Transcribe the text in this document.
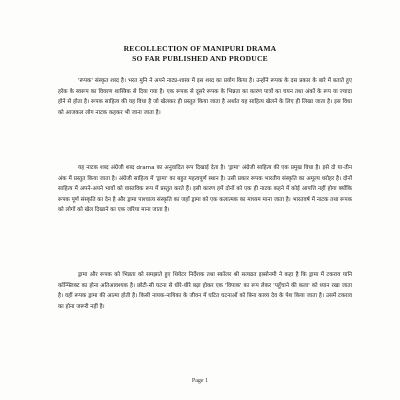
RECOLLECTION OF MANIPURI DRAMA
SO FAR PUBLISHED AND PRODUCE

'रूपक' संस्कृत शब्द है। भरत मुनि ने अपने नाट्य-शास्त्र में इस शब्द का प्रयोग किया है। उन्होंने रूपक के दस प्रकार के बारे में बताते हुए हरेक के स्वरूप का विवरण शास्त्रिक से दिया गया है। एक रूपक से दूसरे रूपक के भिन्नता का कारण पात्रों का चयन तथा अंकों के रूप या ज्यादा होने से होता है। रूपक साहित्य की यह विधा है जो खेलकर ही प्रस्तुत किया जाता है अर्थात यह साहित्य खेलने के लिए ही लिखा जाता है। इस विधा को आजकल लोग नाटक कहकर भी जाना जाता है।

यह नाटक शब्द अंग्रेजी शब्द drama का अनुवादित रूप दिखाई देता है। 'ड्रामा' अंग्रेजी साहित्य की एक प्रमुख विधा है। इसे दो या-तीन अंक में प्रस्तुत किया जाता है। अंग्रेजी साहित्य में 'ड्रामा' का बहुत महत्वपूर्ण स्थान है। उसी प्रकार रूपक भारतीय संस्कृति का अमूल्य धरोहर है। दोनों साहित्य में अपने-अपने भावों को वास्तविक रूप में प्रस्तुत करते हैं। इसी कारण हमें दोनों को एक ही नाटक कहने में कोई आपत्ति नहीं होगा क्योंकि रूपक पूर्ण संस्कृति का देन है और ड्रामा पाश्चात्य संस्कृति का जहाँ ड्रामा को एक कलात्मक का माध्यम माना जाता है। भारतवर्ष में नाटक तथा रूपक को लोगों को खेल दिखाने का एक जरिया माना जाता है।

ड्रामा और रूपक को भिन्नता को समझाते हुए थियेटर निर्देशक तथा स्कॉलर श्री सत्यव्रत इब्सोनमी ने कहा है कि ड्रामा में टकराव यानि कॉन्फ्लिक्ट का होना अतिआवश्यक है। छोटी-सी घटना से धीरे-धीरे बढ़ा होकर एक 'विपाक' का रूप लेकर 'पहुँचाने की कला' को ध्यान रखा जाता है। वहीं रूपक ड्रामा की आत्मा होती है। किसी नायक-नायिका के जीवन में घटित घटनाओं को बिना काव्य देव के पेश किया जाता है। उसमें टकराव का होना जरूरी नहीं है।

Page 1
